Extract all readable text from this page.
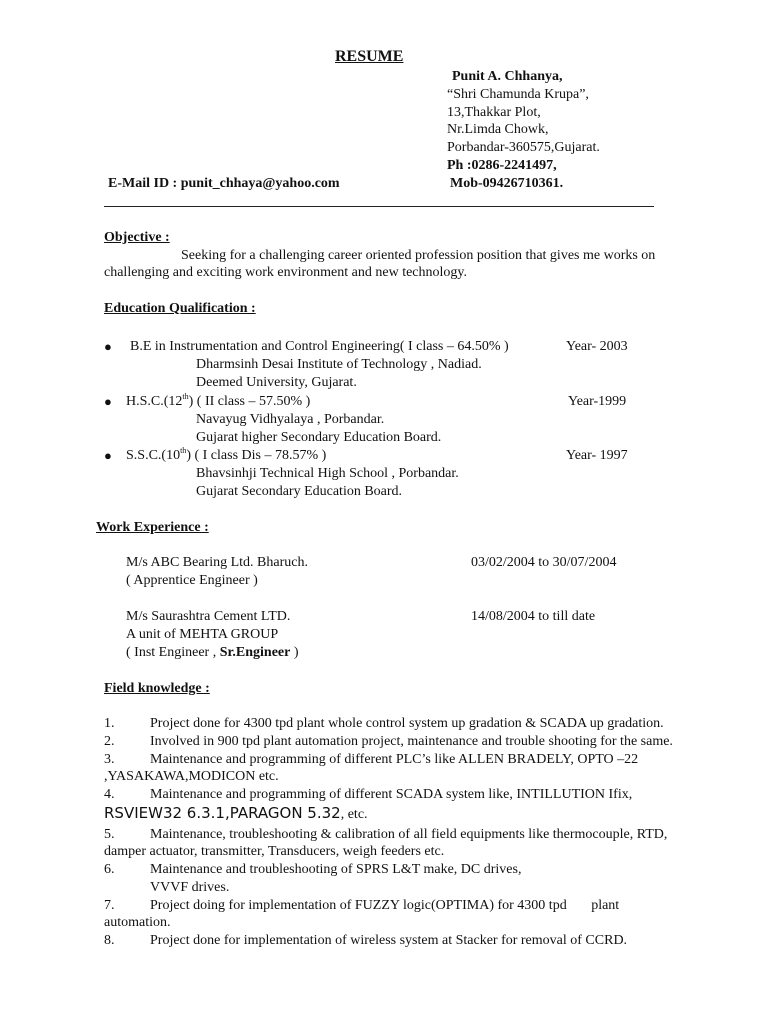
RESUME
Punit A. Chhanya,
“Shri Chamunda Krupa”,
13,Thakkar Plot,
Nr.Limda Chowk,
Porbandar-360575,Gujarat.
Ph :0286-2241497,
E-Mail ID : punit_chhaya@yahoo.com	Mob-09426710361.
Objective :
Seeking for a challenging career oriented profession position that gives me works on
challenging and exciting work environment and new technology.
Education Qualification :
● B.E in Instrumentation and Control Engineering( I class – 64.50% )	Year- 2003
Dharmsinh Desai Institute of Technology , Nadiad.
Deemed University, Gujarat.
● H.S.C.(12th) ( II class – 57.50% )	Year-1999
Navayug Vidhyalaya , Porbandar.
Gujarat higher Secondary Education Board.
● S.S.C.(10th) ( I class Dis – 78.57% )	Year- 1997
Bhavsinhji Technical High School , Porbandar.
Gujarat Secondary Education Board.
Work Experience :
M/s ABC Bearing Ltd. Bharuch.	03/02/2004 to 30/07/2004
( Apprentice Engineer )
M/s Saurashtra Cement LTD.	14/08/2004 to till date
A unit of MEHTA GROUP
( Inst Engineer , Sr.Engineer )
Field knowledge :
1.	Project done for 4300 tpd plant whole control system up gradation & SCADA up gradation.
2.	Involved in 900 tpd plant automation project, maintenance and trouble shooting for the same.
3.	Maintenance and programming of different PLC’s like ALLEN BRADELY, OPTO –22
,YASAKAWA,MODICON etc.
4.	Maintenance and programming of different SCADA system like, INTILLUTION Ifix,
RSVIEW32 6.3.1,PARAGON 5.32, etc.
5.	Maintenance, troubleshooting & calibration of all field equipments like thermocouple, RTD,
damper actuator, transmitter, Transducers, weigh feeders etc.
6.	Maintenance and troubleshooting of SPRS L&T make, DC drives,
VVVF drives.
7.	Project doing for implementation of FUZZY logic(OPTIMA) for 4300 tpd       plant
automation.
8.	Project done for implementation of wireless system at Stacker for removal of CCRD.
